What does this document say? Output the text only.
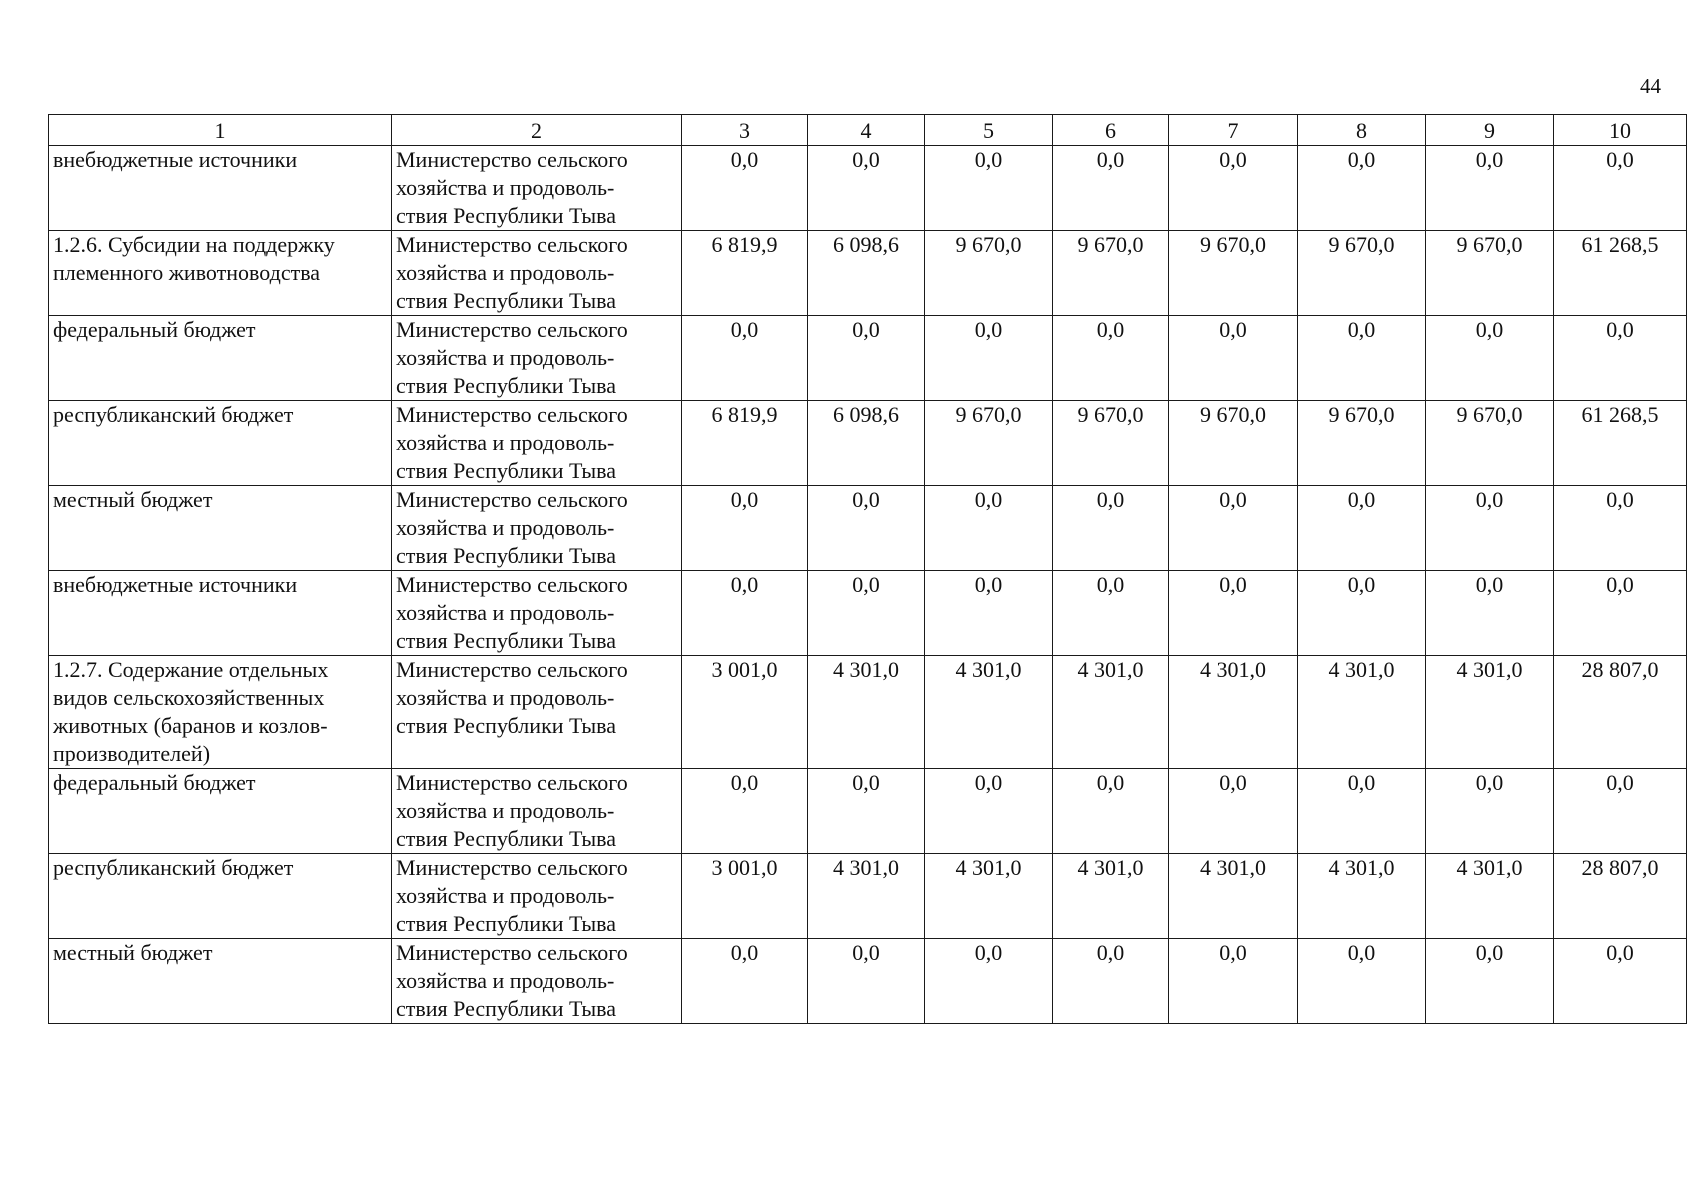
44
1	2	3	4	5	6	7	8	9	10
внебюджетные источники	Министерство сельского
хозяйства и продоволь-
ствия Республики Тыва	0,0	0,0	0,0	0,0	0,0	0,0	0,0	0,0
1.2.6. Субсидии на поддержку
племенного животноводства	Министерство сельского
хозяйства и продоволь-
ствия Республики Тыва	6 819,9	6 098,6	9 670,0	9 670,0	9 670,0	9 670,0	9 670,0	61 268,5
федеральный бюджет	Министерство сельского
хозяйства и продоволь-
ствия Республики Тыва	0,0	0,0	0,0	0,0	0,0	0,0	0,0	0,0
республиканский бюджет	Министерство сельского
хозяйства и продоволь-
ствия Республики Тыва	6 819,9	6 098,6	9 670,0	9 670,0	9 670,0	9 670,0	9 670,0	61 268,5
местный бюджет	Министерство сельского
хозяйства и продоволь-
ствия Республики Тыва	0,0	0,0	0,0	0,0	0,0	0,0	0,0	0,0
внебюджетные источники	Министерство сельского
хозяйства и продоволь-
ствия Республики Тыва	0,0	0,0	0,0	0,0	0,0	0,0	0,0	0,0
1.2.7. Содержание отдельных
видов сельскохозяйственных
животных (баранов и козлов-
производителей)	Министерство сельского
хозяйства и продоволь-
ствия Республики Тыва	3 001,0	4 301,0	4 301,0	4 301,0	4 301,0	4 301,0	4 301,0	28 807,0
федеральный бюджет	Министерство сельского
хозяйства и продоволь-
ствия Республики Тыва	0,0	0,0	0,0	0,0	0,0	0,0	0,0	0,0
республиканский бюджет	Министерство сельского
хозяйства и продоволь-
ствия Республики Тыва	3 001,0	4 301,0	4 301,0	4 301,0	4 301,0	4 301,0	4 301,0	28 807,0
местный бюджет	Министерство сельского
хозяйства и продоволь-
ствия Республики Тыва	0,0	0,0	0,0	0,0	0,0	0,0	0,0	0,0
